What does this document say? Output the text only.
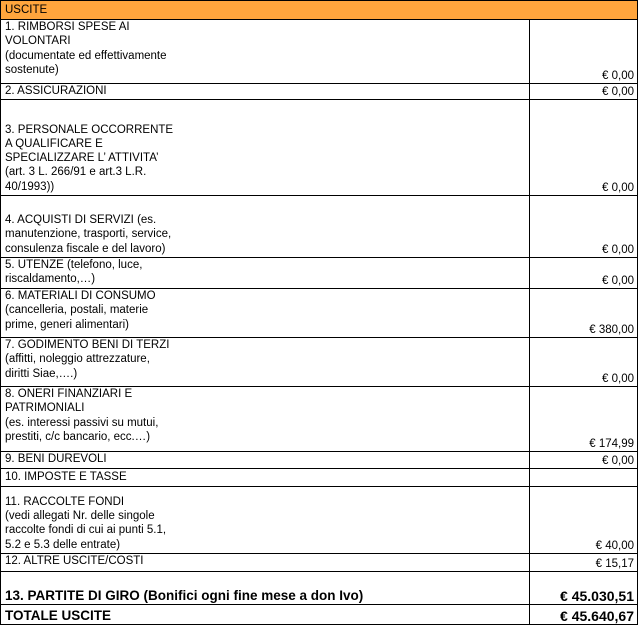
USCITE	
1. RIMBORSI SPESE AI
VOLONTARI
(documentate ed effettivamente
sostenute)	€ 0,00
2. ASSICURAZIONI	€ 0,00
3. PERSONALE OCCORRENTE
A QUALIFICARE E
SPECIALIZZARE L’ ATTIVITA’
(art. 3 L. 266/91 e art.3 L.R.
40/1993))	€ 0,00
4. ACQUISTI DI SERVIZI (es.
manutenzione, trasporti, service,
consulenza fiscale e del lavoro)	€ 0,00
5. UTENZE (telefono, luce,
riscaldamento,…)	€ 0,00
6. MATERIALI DI CONSUMO
(cancelleria, postali, materie
prime, generi alimentari)	€ 380,00
7. GODIMENTO BENI DI TERZI
(affitti, noleggio attrezzature,
diritti Siae,….)	€ 0,00
8. ONERI FINANZIARI E
PATRIMONIALI
(es. interessi passivi su mutui,
prestiti, c/c bancario, ecc.…)	€ 174,99
9. BENI DUREVOLI	€ 0,00
10. IMPOSTE E TASSE	
11. RACCOLTE FONDI
(vedi allegati Nr. delle singole
raccolte fondi di cui ai punti 5.1,
5.2 e 5.3 delle entrate)	€ 40,00
12. ALTRE USCITE/COSTI	€ 15,17
13. PARTITE DI GIRO (Bonifici ogni fine mese a don Ivo)	€ 45.030,51
TOTALE USCITE	€ 45.640,67
